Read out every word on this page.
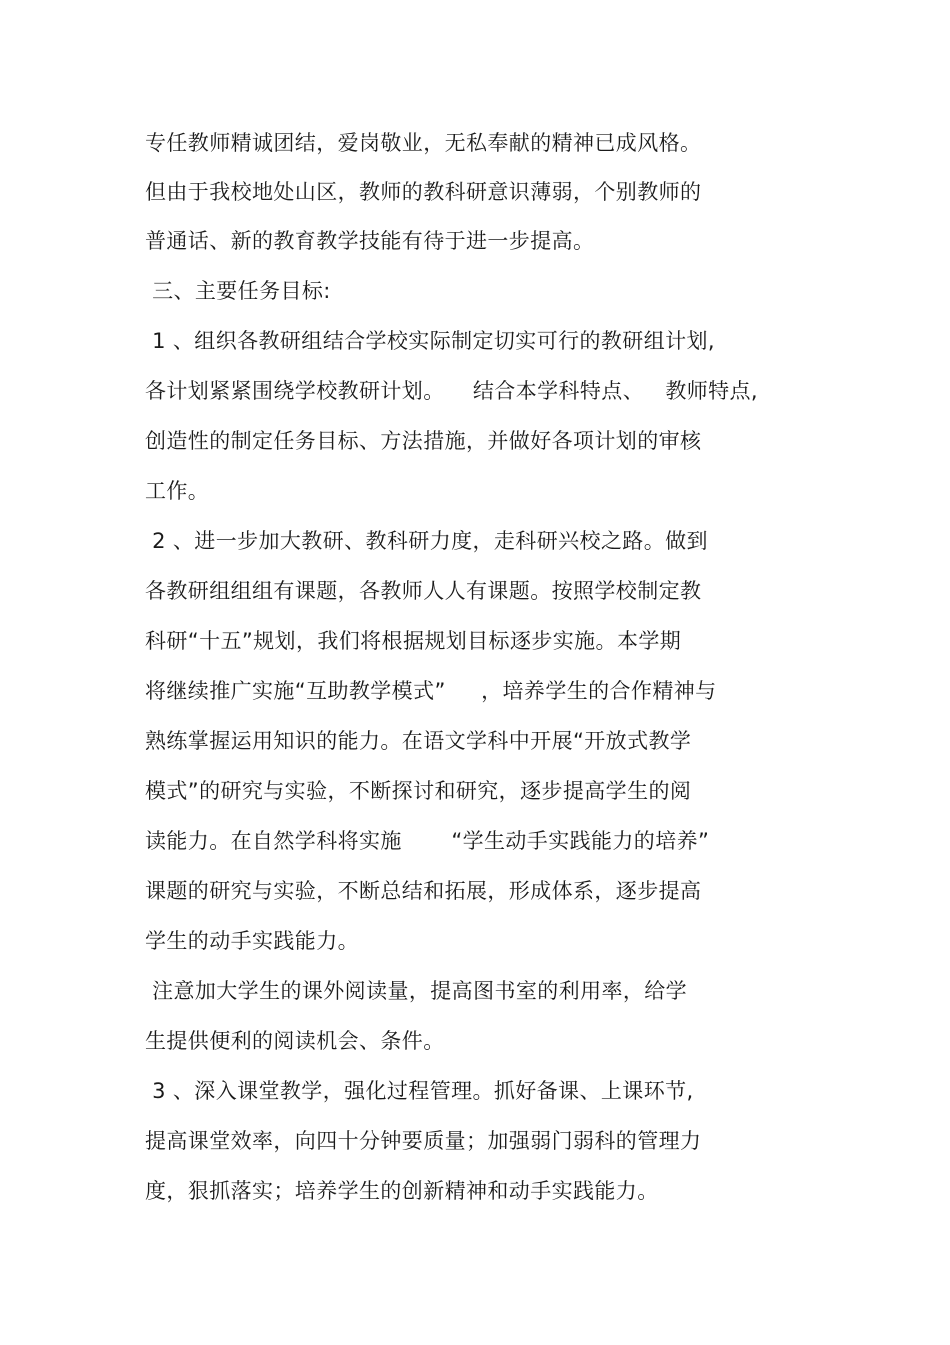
专任教师精诚团结，爱岗敬业，无私奉献的精神已成风格。
但由于我校地处山区，教师的教科研意识薄弱，个别教师的
普通话、新的教育教学技能有待于进一步提高。
三、主要任务目标:
1 、组织各教研组结合学校实际制定切实可行的教研组计划,
各计划紧紧围绕学校教研计划。    结合本学科特点、   教师特点,
创造性的制定任务目标、方法措施，并做好各项计划的审核
工作。
2 、进一步加大教研、教科研力度，走科研兴校之路。做到
各教研组组组有课题，各教师人人有课题。按照学校制定教
科研“十五”规划，我们将根据规划目标逐步实施。本学期
将继续推广实施“互助教学模式”     ，培养学生的合作精神与
熟练掌握运用知识的能力。在语文学科中开展“开放式教学
模式”的研究与实验，不断探讨和研究，逐步提高学生的阅
读能力。在自然学科将实施       “学生动手实践能力的培养”
课题的研究与实验，不断总结和拓展，形成体系，逐步提高
学生的动手实践能力。
注意加大学生的课外阅读量，提高图书室的利用率，给学
生提供便利的阅读机会、条件。
3 、深入课堂教学，强化过程管理。抓好备课、上课环节,
提高课堂效率，向四十分钟要质量；加强弱门弱科的管理力
度，狠抓落实；培养学生的创新精神和动手实践能力。
